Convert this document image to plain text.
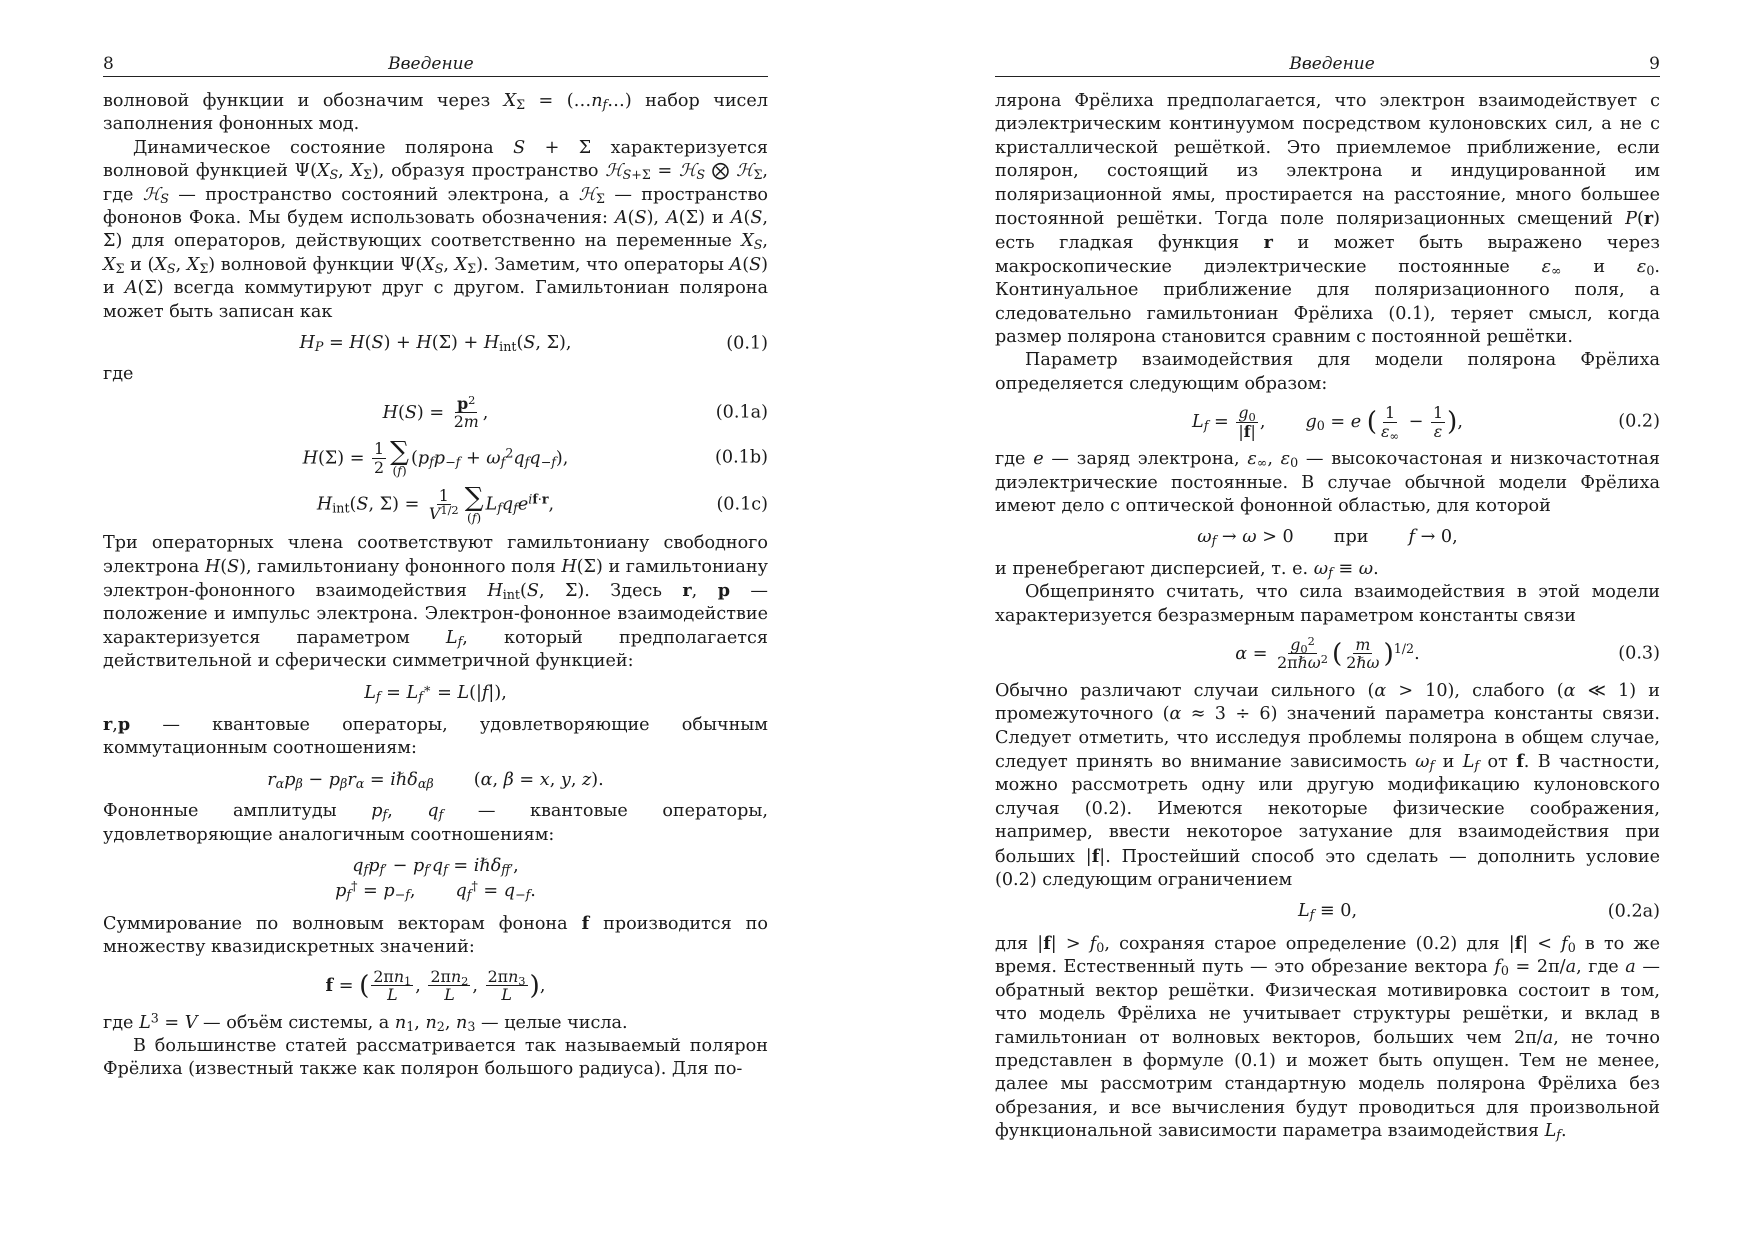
8	Введение

волновой функции и обозначим через $X_\Sigma$ = $(\dots n_f\dots)$ набор чисел заполнения фононных мод.

Динамическое состояние полярона S + Σ характеризуется волновой функцией $\Psi(X_S$, $X_\Sigma$), образуя пространство ℋ$_{S+\Sigma}$ = ℋ$_S$ ⨂ ℋ$_\Sigma$, где ℋ$_S$ — пространство состояний электрона, а ℋ$_\Sigma$ — пространство фононов Фока. Мы будем использовать обозначения: A(S), A(Σ) и A(S, Σ) для операторов, действующих соответственно на переменные $X_S$, $X_\Sigma$ и ($X_S$, $X_\Sigma$) волновой функции $\Psi(X_S$, $X_\Sigma$). Заметим, что операторы A(S) и A(Σ) всегда коммутируют друг с другом. Гамильтониан полярона может быть записан как

$H_P = H(S) + H(\Sigma) + H_{int}(S$, Σ),	(0.1)

где

$H(S) = \frac{p^2}{2m}$ ,	(0.1a)
$H(\Sigma) = \frac{1}{2}$ ∑
(f)
$(p_fp_{-f} + \omega_f^2q_fq_{-f})$,	(0.1b)
$H_{int}(S$, $\Sigma) = \frac{1}{V^{1/2}}$ ∑
(f)
$L_fq_fe^{if\cdot r}$,	(0.1c)

Три операторных члена соответствуют гамильтониану свободного электрона H(S), гамильтониану фононного поля H(Σ) и гамильтониану электрон-фононного взаимодействия $H_{int}(S$, Σ). Здесь r, p — положение и импульс электрона. Электрон-фононное взаимодействие характеризуется параметром $L_f$, который предполагается действительной и сферически симметричной функцией:

$L_f = L_f^∗ = L(|f|)$,

r,p — квантовые операторы, удовлетворяющие обычным коммутационным соотношениям:

$r_\alpha p_\beta - p_\beta r_\alpha$ = iℏδ$_{\alpha\beta}$ (α, β = x, y, z).

Фононные амплитуды $p_f$, $q_f$ — квантовые операторы, удовлетворяющие аналогичным соотношениям:

$q_fp_{f'} - p_{f'}q_f$ = iℏδ$_{ff'}$,
$p_f^\dagger = p_{-f}$, $q_f^\dagger = q_{-f}$.

Суммирование по волновым векторам фонона f производится по множеству квазидискретных значений:

f = ( $\frac{2\pi n_1}{L}$ , $\frac{2\pi n_2}{L}$ , $\frac{2\pi n_3}{L}$ ),

где $L^3 = V$ — объём системы, а $n_1$, $n_2$, $n_3$ — целые числа.

В большинстве статей рассматривается так называемый полярон Фрёлиха (известный также как полярон большого радиуса). Для по-

Введение	9

лярона Фрёлиха предполагается, что электрон взаимодействует с диэлектрическим континуумом посредством кулоновских сил, а не с кристаллической решёткой. Это приемлемое приближение, если полярон, состоящий из электрона и индуцированной им поляризационной ямы, простирается на расстояние, много большее постоянной решётки. Тогда поле поляризационных смещений P(r) есть гладкая функция r и может быть выражено через макроскопические диэлектрические постоянные $\varepsilon_\infty$ и $\varepsilon_0$. Континуальное приближение для поляризационного поля, а следовательно гамильтониан Фрёлиха (0.1), теряет смысл, когда размер полярона становится сравним с постоянной решётки.

Параметр взаимодействия для модели полярона Фрёлиха определяется следующим образом:

$L_f = \frac{g_0}{|f|}$ , $g_0 = e$ ( $\frac{1}{\varepsilon_\infty} - \frac{1}{\varepsilon}$ ),	(0.2)

где e — заряд электрона, $\varepsilon_\infty$, $\varepsilon_0$ — высокочастоная и низкочастотная диэлектрические постоянные. В случае обычной модели Фрёлиха имеют дело с оптической фононной областью, для которой

$\omega_f \to \omega > 0$ при f → 0,

и пренебрегают дисперсией, т. е. $\omega_f \equiv \omega$.

Общепринято считать, что сила взаимодействия в этой модели характеризуется безразмерным параметром константы связи

$\alpha = \frac{g_0^2}{2\pi\hbar\omega^2}$ ( $\frac{m}{\text{2ℏω}} )^{1/2}$.	(0.3)

Обычно различают случаи сильного (α > 10), слабого (α ≪ 1) и промежуточного (α ≈ 3 ÷ 6) значений параметра константы связи. Следует отметить, что исследуя проблемы полярона в общем случае, следует принять во внимание зависимость $\omega_f$ и $L_f$ от f. В частности, можно рассмотреть одну или другую модификацию кулоновского случая (0.2). Имеются некоторые физические соображения, например, ввести некоторое затухание для взаимодействия при больших |f|. Простейший способ это сделать — дополнить условие (0.2) следующим ограничением

$L_f \equiv 0$,	(0.2a)

для $|f| > f_0$, сохраняя старое определение (0.2) для $|f| < f_0$ в то же время. Естественный путь — это обрезание вектора $f_0 = 2\pi/a$, где a — обратный вектор решётки. Физическая мотивировка состоит в том, что модель Фрёлиха не учитывает структуры решётки, и вклад в гамильтониан от волновых векторов, больших чем 2π/a, не точно представлен в формуле (0.1) и может быть опущен. Тем не менее, далее мы рассмотрим стандартную модель полярона Фрёлиха без обрезания, и все вычисления будут проводиться для произвольной функциональной зависимости параметра взаимодействия $L_f$.
